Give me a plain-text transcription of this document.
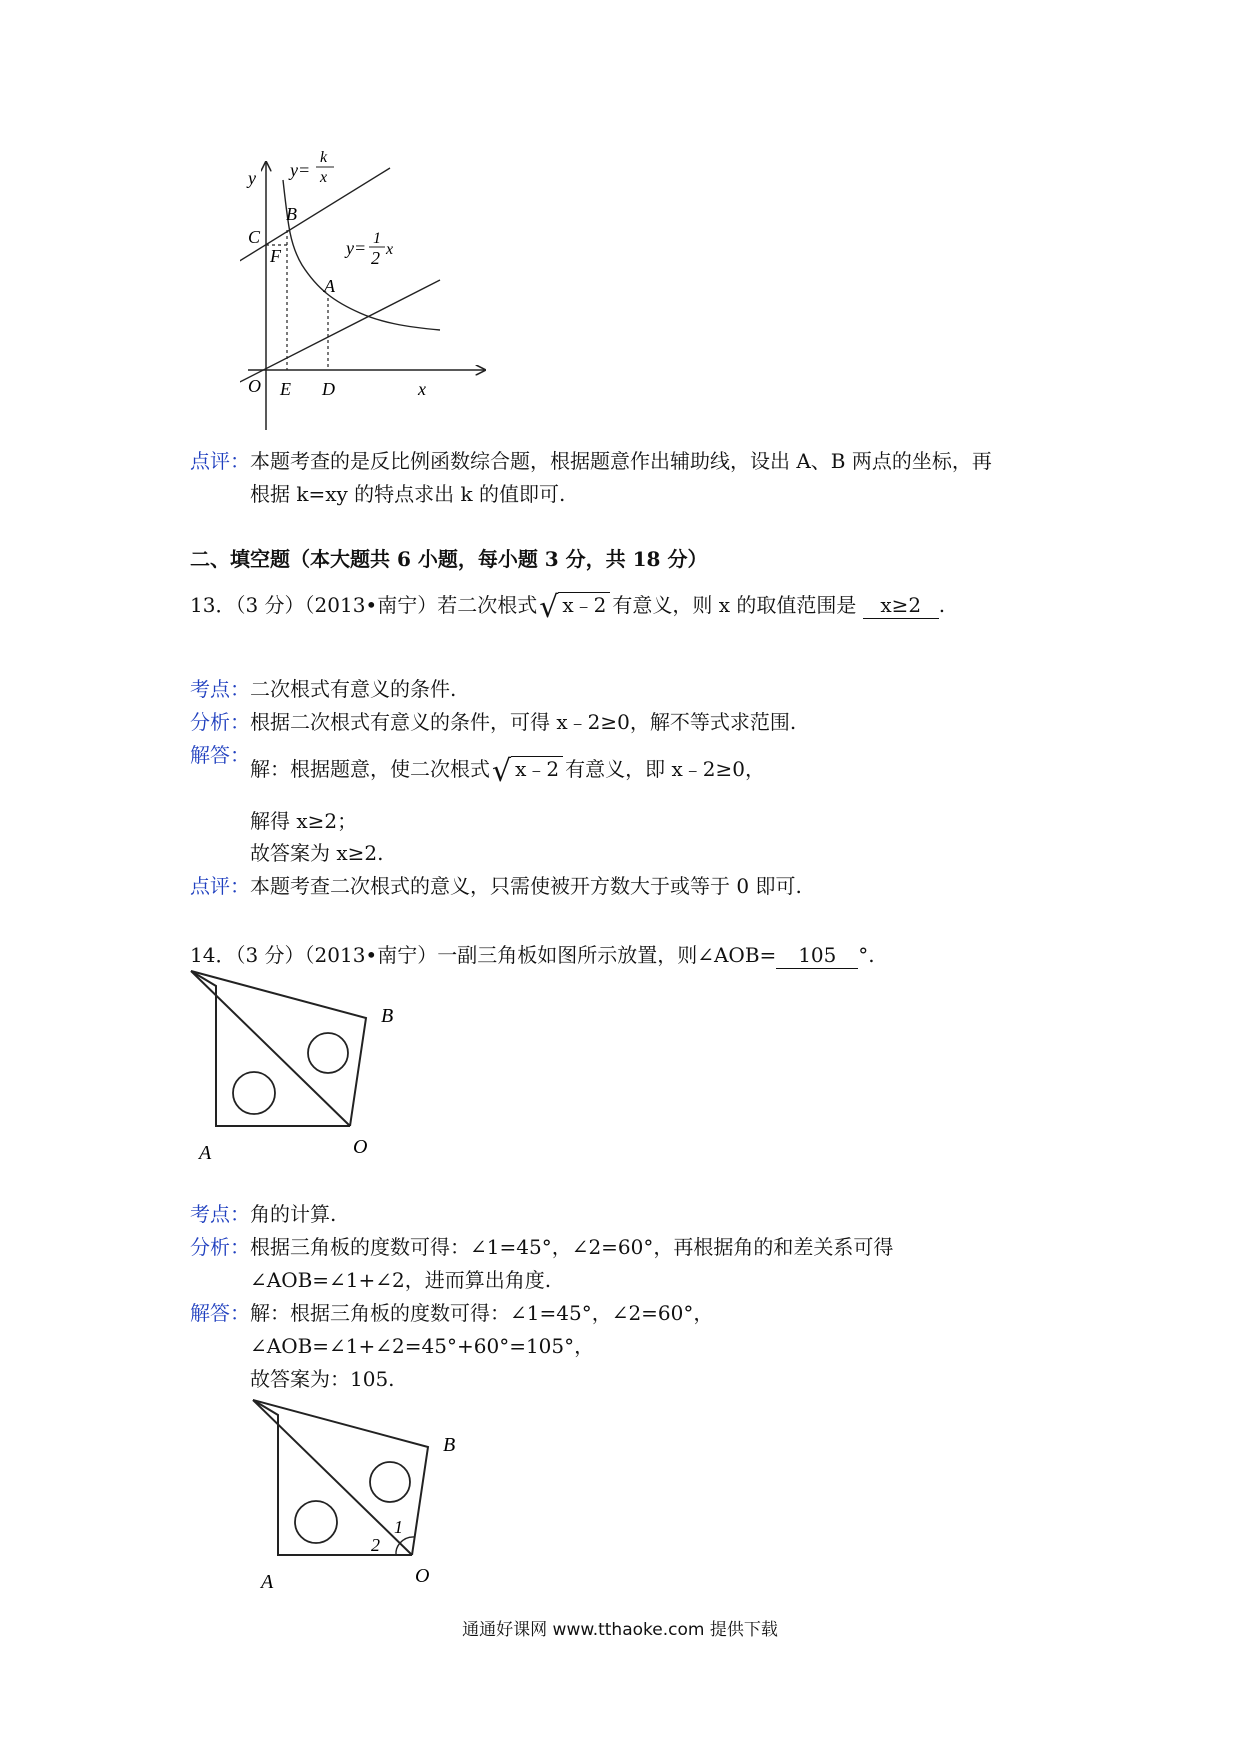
y=
k
x
y
B
C
F	y= 1
2 x
A
O E D	x
点评：本题考查的是反比例函数综合题，根据题意作出辅助线，设出 A、B 两点的坐标，再
根据 k=xy 的特点求出 k 的值即可.
二、填空题（本大题共 6 小题，每小题 3 分，共 18 分）
13．（3 分）（2013•南宁）若二次根式√ x﹣2 有意义，则 x 的取值范围是 x≥2 .
考点：二次根式有意义的条件.
分析：根据二次根式有意义的条件，可得 x﹣2≥0，解不等式求范围.
解答：
解：根据题意，使二次根式√ x﹣2 有意义，即 x﹣2≥0，
解得 x≥2；
故答案为 x≥2.
点评：本题考查二次根式的意义，只需使被开方数大于或等于 0 即可.
14．（3 分）（2013•南宁）一副三角板如图所示放置，则∠AOB= 105 °.
B
A	O
考点：角的计算.
分析：根据三角板的度数可得：∠1=45°，∠2=60°，再根据角的和差关系可得
∠AOB=∠1+∠2，进而算出角度.
解答：解：根据三角板的度数可得：∠1=45°，∠2=60°，
∠AOB=∠1+∠2=45°+60°=105°，
故答案为：105.
1
2
B
A	O
通通好课网 www.tthaoke.com 提供下载
